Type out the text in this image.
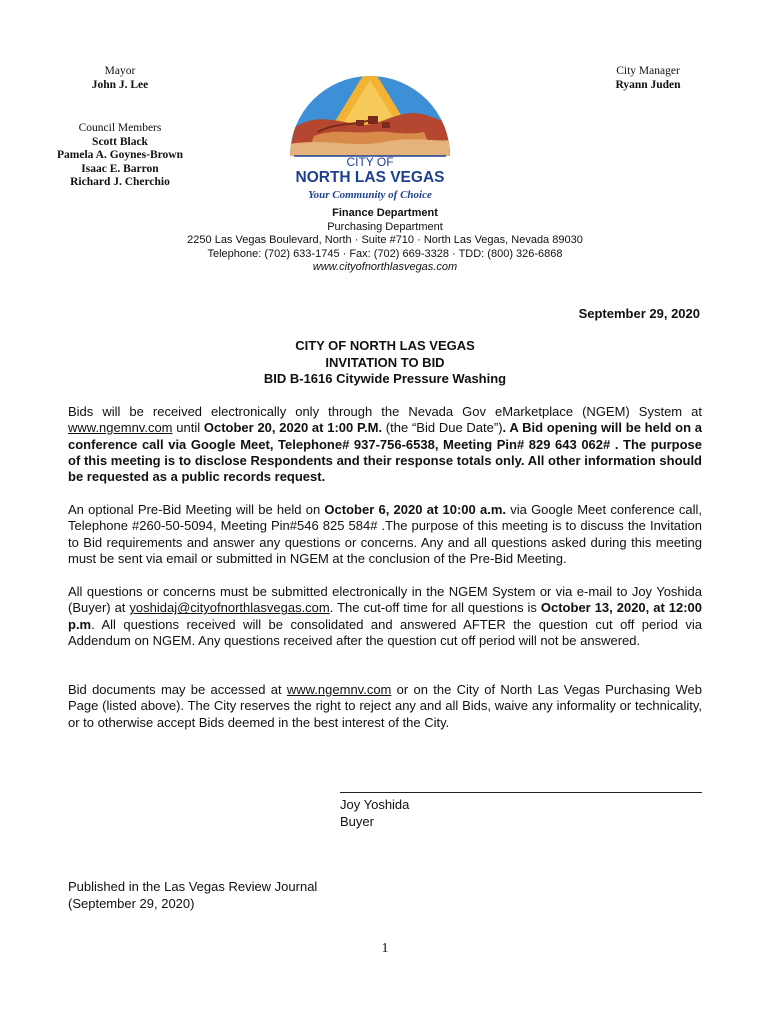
Mayor
John J. Lee
City Manager
Ryann Juden
Council Members
Scott Black
Pamela A. Goynes-Brown
Isaac E. Barron
Richard J. Cherchio
CITY OF
NORTH LAS VEGAS
Your Community of Choice
Finance Department
Purchasing Department
2250 Las Vegas Boulevard, North · Suite #710 · North Las Vegas, Nevada 89030
Telephone: (702) 633-1745 · Fax: (702) 669-3328 · TDD: (800) 326-6868
www.cityofnorthlasvegas.com
September 29, 2020
CITY OF NORTH LAS VEGAS
INVITATION TO BID
BID B-1616 Citywide Pressure Washing
Bids will be received electronically only through the Nevada Gov eMarketplace (NGEM) System at www.ngemnv.com until October 20, 2020 at 1:00 P.M. (the “Bid Due Date”). A Bid opening will be held on a conference call via Google Meet, Telephone# 937-756-6538, Meeting Pin# 829 643 062# . The purpose of this meeting is to disclose Respondents and their response totals only. All other information should be requested as a public records request.
An optional Pre-Bid Meeting will be held on October 6, 2020 at 10:00 a.m. via Google Meet conference call, Telephone #260-50-5094, Meeting Pin#546 825 584# .The purpose of this meeting is to discuss the Invitation to Bid requirements and answer any questions or concerns. Any and all questions asked during this meeting must be sent via email or submitted in NGEM at the conclusion of the Pre-Bid Meeting.
All questions or concerns must be submitted electronically in the NGEM System or via e-mail to Joy Yoshida (Buyer) at yoshidaj@cityofnorthlasvegas.com. The cut-off time for all questions is October 13, 2020, at 12:00 p.m. All questions received will be consolidated and answered AFTER the question cut off period via Addendum on NGEM. Any questions received after the question cut off period will not be answered.
Bid documents may be accessed at www.ngemnv.com or on the City of North Las Vegas Purchasing Web Page (listed above). The City reserves the right to reject any and all Bids, waive any informality or technicality, or to otherwise accept Bids deemed in the best interest of the City.
Joy Yoshida
Buyer
Published in the Las Vegas Review Journal
(September 29, 2020)
1
